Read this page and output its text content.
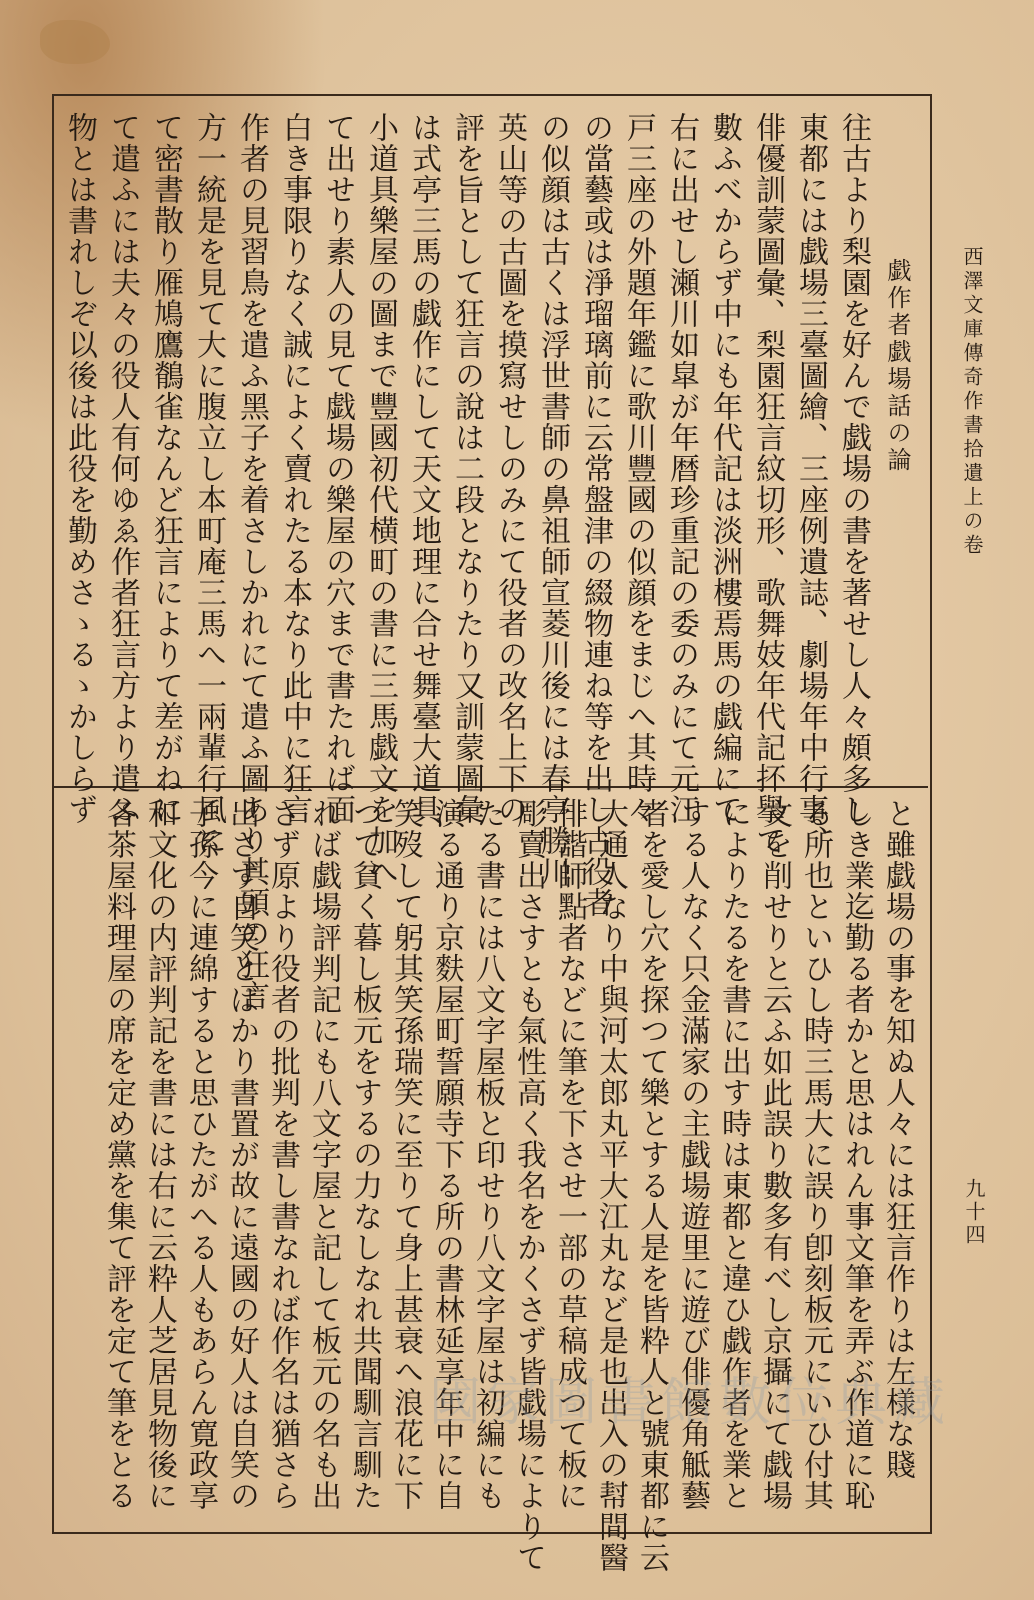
西澤文庫傳奇作書拾遺上の卷
九十四
戯作者戯場話の論
往古より梨園を好んで戯場の書を著せし人々頗多し
東都には戯場三臺圖繪、三座例遺誌、劇場年中行事、
俳優訓蒙圖彙、梨園狂言紋切形、歌舞妓年代記抔擧て
數ふべからず中にも年代記は淡洲樓焉馬の戯編にて
右に出せし瀬川如皐が年暦珍重記の委のみにて元江
戸三座の外題年鑑に歌川豐國の似顔をまじへ其時々
の當藝或は淨瑠璃前に云常盤津の綴物連ね等を出し古役者
の似顔は古くは浮世書師の鼻祖師宣菱川後には春亭勝川
英山等の古圖を摸寫せしのみにて役者の改名上下の
評を旨として狂言の說は二段となりたり又訓蒙圖彙
は式亭三馬の戯作にして天文地理に合せ舞臺大道具
小道具樂屋の圖まで豐國初代横町の書に三馬戯文を加へ
て出せり素人の見て戯場の樂屋の穴まで書たれば面
白き事限りなく誠によく賣れたる本なり此中に狂言
作者の見習鳥を遣ふ黑子を着さしかれにて遣ふ圖あり其頭の狂言
方一統是を見て大に腹立し本町庵三馬へ一兩輩行風に
て密書散り雁鳩鷹鶺雀なんど狂言によりて差がねに
て遣ふには夫々の役人有何ゆゑ作者狂言方より遣ふ
物とは書れしぞ以後は此役を勤めさゝるゝかしらず
と雖戯場の事を知ぬ人々には狂言作りは左様な賤
しき業迄勤る者かと思はれん事文筆を弄ぶ作道に恥
る所也といひし時三馬大に誤り卽刻板元にいひ付其
文を削せりと云ふ如此誤り數多有べし京攝にて戯場
によりたるを書に出す時は東都と違ひ戯作者を業と
する人なく只金滿家の主戯場遊里に遊び俳優角觝藝
者を愛し穴を探つて樂とする人是を皆粋人と號東都に云
大通人なり中與河太郎丸平大江丸など是也出入の幇間醫
俳諧師點者などに筆を下させ一部の草稿成つて板に
彫賣出さすとも氣性高く我名をかくさず皆戯場によりて
たる書には八文字屋板と印せり八文字屋は初編にも
演る通り京麩屋町誓願寺下る所の書林延享年中に自
笑歿して躬其笑孫瑞笑に至りて身上甚衰へ浪花に下
つて貧く暮し板元をするの力なしなれ共聞馴言馴た
れば戯場評判記にも八文字屋と記して板元の名も出
さず原より役者の批判を書し書なれば作名は猶さら
出さず自笑とばかり書置が故に遠國の好人は自笑の
子孫今に連綿すると思ひたがへる人もあらん寛政享
和文化の内評判記を書には右に云粋人芝居見物後に
各茶屋料理屋の席を定め黨を集て評を定て筆をとる	國家圖書館數位典藏
